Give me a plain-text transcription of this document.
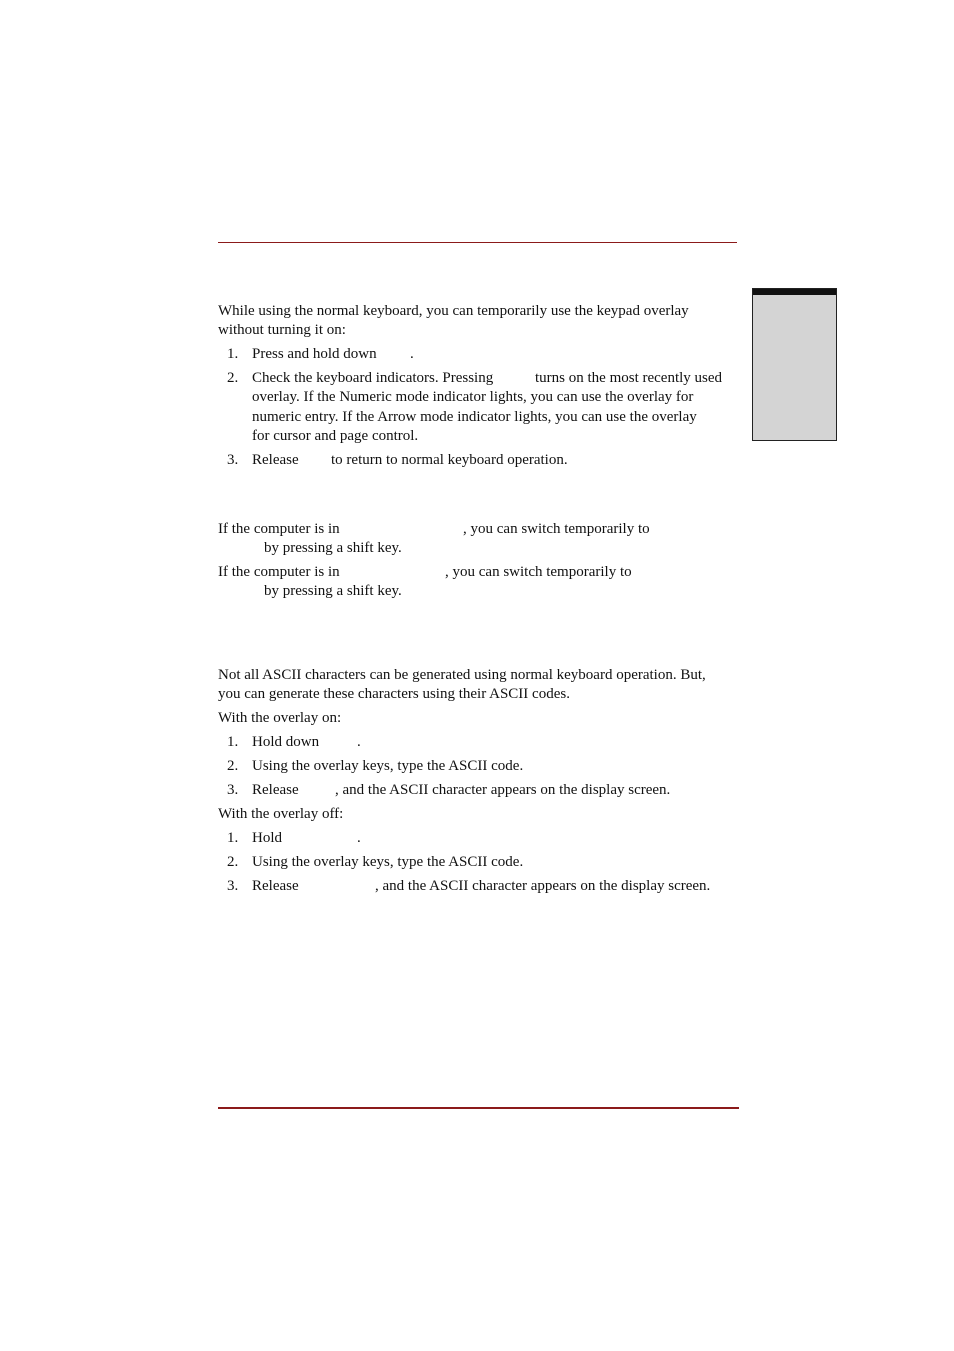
While using the normal keyboard, you can temporarily use the keypad overlay
without turning it on:
1. Press and hold down .
2. Check the keyboard indicators. Pressing	turns on the most recently used
overlay. If the Numeric mode indicator lights, you can use the overlay for
numeric entry. If the Arrow mode indicator lights, you can use the overlay
for cursor and page control.
3. Release to return to normal keyboard operation.
If the computer is in	, you can switch temporarily to
by pressing a shift key.
If the computer is in	, you can switch temporarily to
by pressing a shift key.
Not all ASCII characters can be generated using normal keyboard operation. But,
you can generate these characters using their ASCII codes.
With the overlay on:
1. Hold down	.
2. Using the overlay keys, type the ASCII code.
3. Release , and the ASCII character appears on the display screen.
With the overlay off:
1. Hold	.
2. Using the overlay keys, type the ASCII code.
3. Release	, and the ASCII character appears on the display screen.
